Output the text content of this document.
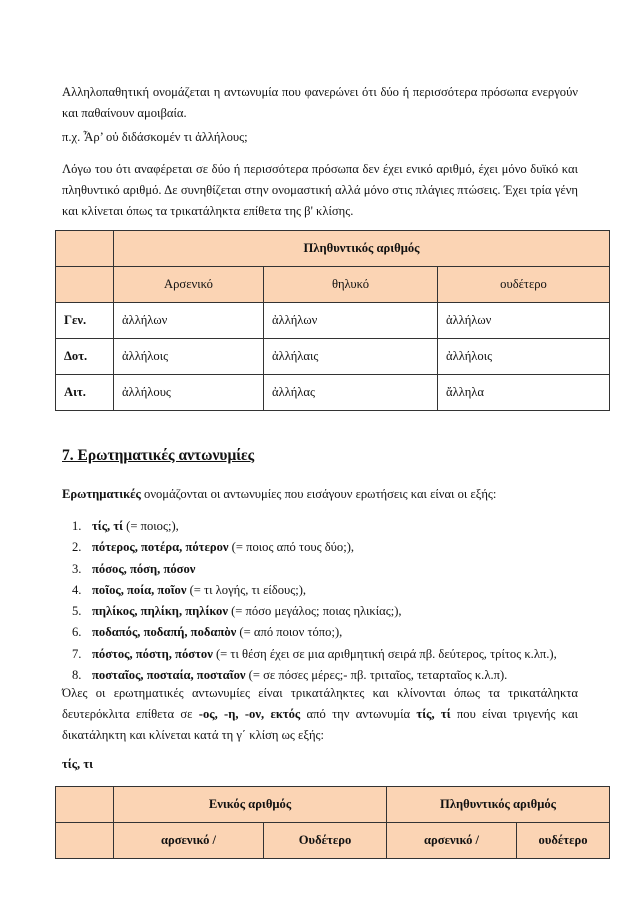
Αλληλοπαθητική ονομάζεται η αντωνυμία που φανερώνει ότι δύο ή περισσότερα πρόσωπα ενεργούν και παθαίνουν αμοιβαία.

π.χ. Ἆρ’ οὐ διδάσκομέν τι ἀλλήλους;

Λόγω του ότι αναφέρεται σε δύο ή περισσότερα πρόσωπα δεν έχει ενικό αριθμό, έχει μόνο δυϊκό και πληθυντικό αριθμό. Δε συνηθίζεται στην ονομαστική αλλά μόνο στις πλάγιες πτώσεις. Έχει τρία γένη και κλίνεται όπως τα τρικατάληκτα επίθετα της β' κλίσης.

	Πληθυντικός αριθμός		
	Αρσενικό	θηλυκό	ουδέτερο
Γεν.	ἀλλήλων	ἀλλήλων	ἀλλήλων
Δοτ.	ἀλλήλοις	ἀλλήλαις	ἀλλήλοις
Αιτ.	ἀλλήλους	ἀλλήλας	ἄλληλα
7. Ερωτηματικές αντωνυμίες

Ερωτηματικές ονομάζονται οι αντωνυμίες που εισάγουν ερωτήσεις και είναι οι εξής:

1. τίς, τί (= ποιος;),
2. πότερος, ποτέρα, πότερον (= ποιος από τους δύο;),
3. πόσος, πόση, πόσον
4. ποῖος, ποία, ποῖον (= τι λογής, τι είδους;),
5. πηλίκος, πηλίκη, πηλίκον (= πόσο μεγάλος; ποιας ηλικίας;),
6. ποδαπός, ποδαπή, ποδαπὸν (= από ποιον τόπο;),
7. πόστος, πόστη, πόστον (= τι θέση έχει σε μια αριθμητική σειρά πβ. δεύτερος, τρίτος κ.λπ.),
8. ποσταῖος, ποσταία, ποσταῖον (= σε πόσες μέρες;- πβ. τριταῖος, τεταρταῖος κ.λ.π).

Όλες οι ερωτηματικές αντωνυμίες είναι τρικατάληκτες και κλίνονται όπως τα τρικατάληκτα δευτερόκλιτα επίθετα σε -ος, -η, -ον, εκτός από την αντωνυμία τίς, τί που είναι τριγενής και δικατάληκτη και κλίνεται κατά τη γ΄ κλίση ως εξής:

τίς, τι

	Ενικός αριθμός		Πληθυντικός αριθμός	
	αρσενικό /	Ουδέτερο	αρσενικό /	ουδέτερο
